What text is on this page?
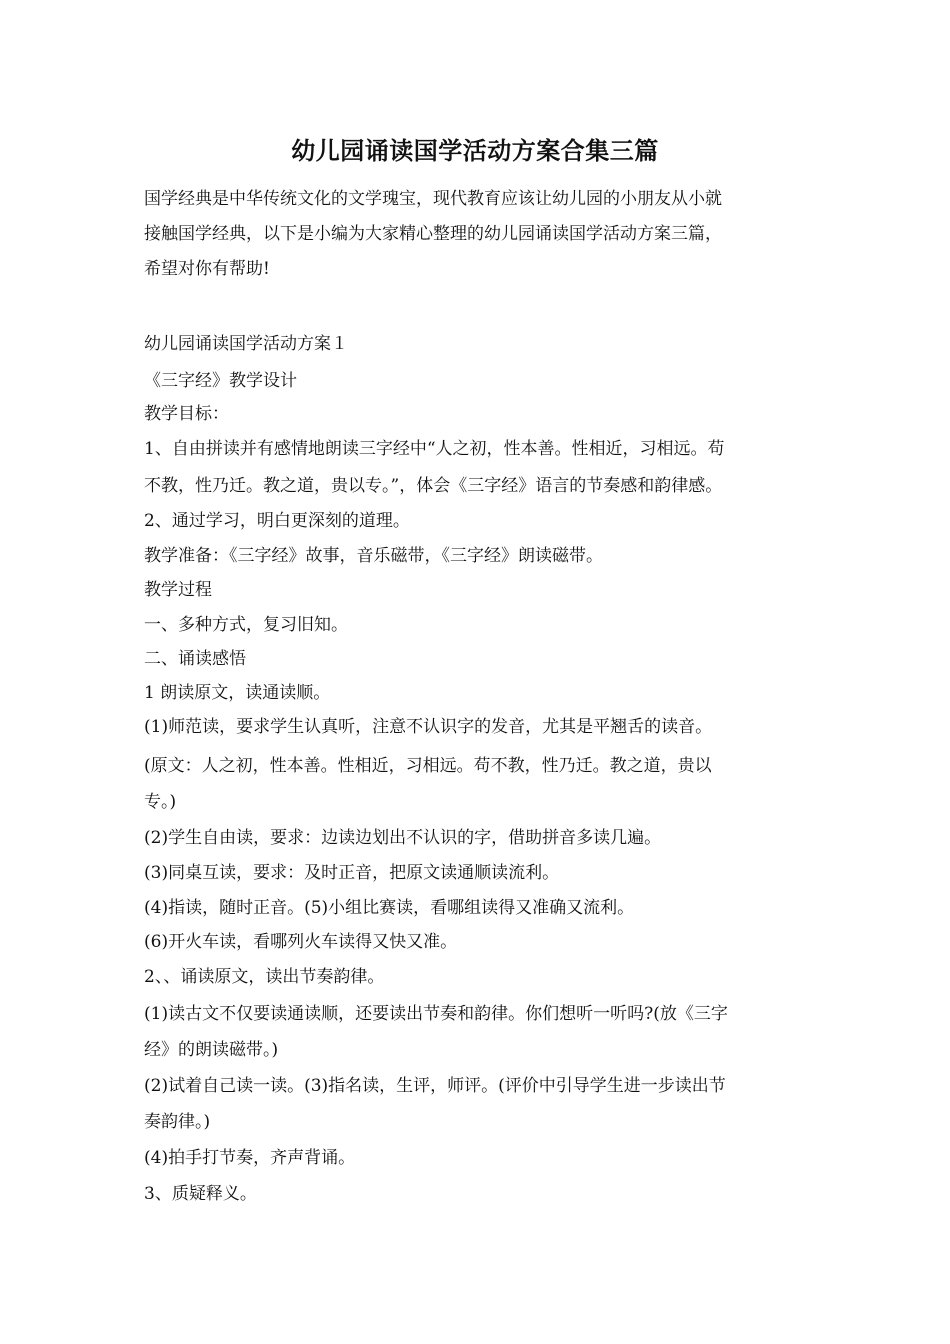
幼儿园诵读国学活动方案合集三篇

国学经典是中华传统文化的文学瑰宝，现代教育应该让幼儿园的小朋友从小就
接触国学经典，以下是小编为大家精心整理的幼儿园诵读国学活动方案三篇，
希望对你有帮助!

幼儿园诵读国学活动方案１
《三字经》教学设计
教学目标：
1、自由拼读并有感情地朗读三字经中“人之初，性本善。性相近，习相远。苟
不教，性乃迁。教之道，贵以专。”，体会《三字经》语言的节奏感和韵律感。
2、通过学习，明白更深刻的道理。
教学准备：《三字经》故事，音乐磁带，《三字经》朗读磁带。
教学过程
一、多种方式，复习旧知。
二、诵读感悟
1 朗读原文，读通读顺。
(1)师范读，要求学生认真听，注意不认识字的发音，尤其是平翘舌的读音。
(原文：人之初，性本善。性相近，习相远。苟不教，性乃迁。教之道，贵以
专。)
(2)学生自由读，要求：边读边划出不认识的字，借助拼音多读几遍。
(3)同桌互读，要求：及时正音，把原文读通顺读流利。
(4)指读，随时正音。(5)小组比赛读，看哪组读得又准确又流利。
(6)开火车读，看哪列火车读得又快又准。
2、、诵读原文，读出节奏韵律。
(1)读古文不仅要读通读顺，还要读出节奏和韵律。你们想听一听吗?(放《三字
经》的朗读磁带。)
(2)试着自己读一读。(3)指名读，生评，师评。(评价中引导学生进一步读出节
奏韵律。)
(4)拍手打节奏，齐声背诵。
3、质疑释义。
